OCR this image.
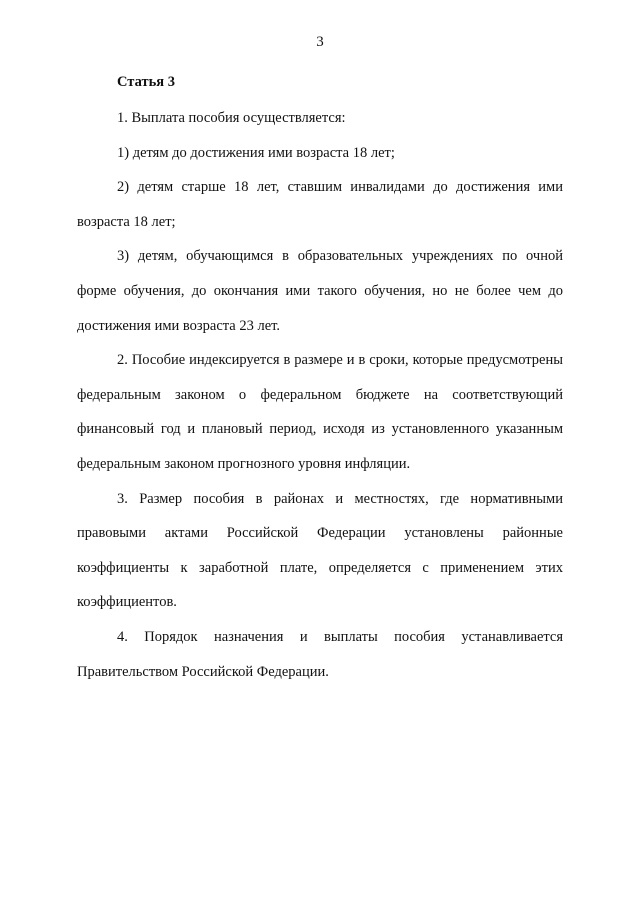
3
Статья 3

1. Выплата пособия осуществляется:

1) детям до достижения ими возраста 18 лет;

2) детям старше 18 лет, ставшим инвалидами до достижения ими возраста 18 лет;

3) детям, обучающимся в образовательных учреждениях по очной форме обучения, до окончания ими такого обучения, но не более чем до достижения ими возраста 23 лет.

2. Пособие индексируется в размере и в сроки, которые предусмотрены федеральным законом о федеральном бюджете на соответствующий финансовый год и плановый период, исходя из установленного указанным федеральным законом прогнозного уровня инфляции.

3. Размер пособия в районах и местностях, где нормативными правовыми актами Российской Федерации установлены районные коэффициенты к заработной плате, определяется с применением этих коэффициентов.

4. Порядок назначения и выплаты пособия устанавливается Правительством Российской Федерации.
